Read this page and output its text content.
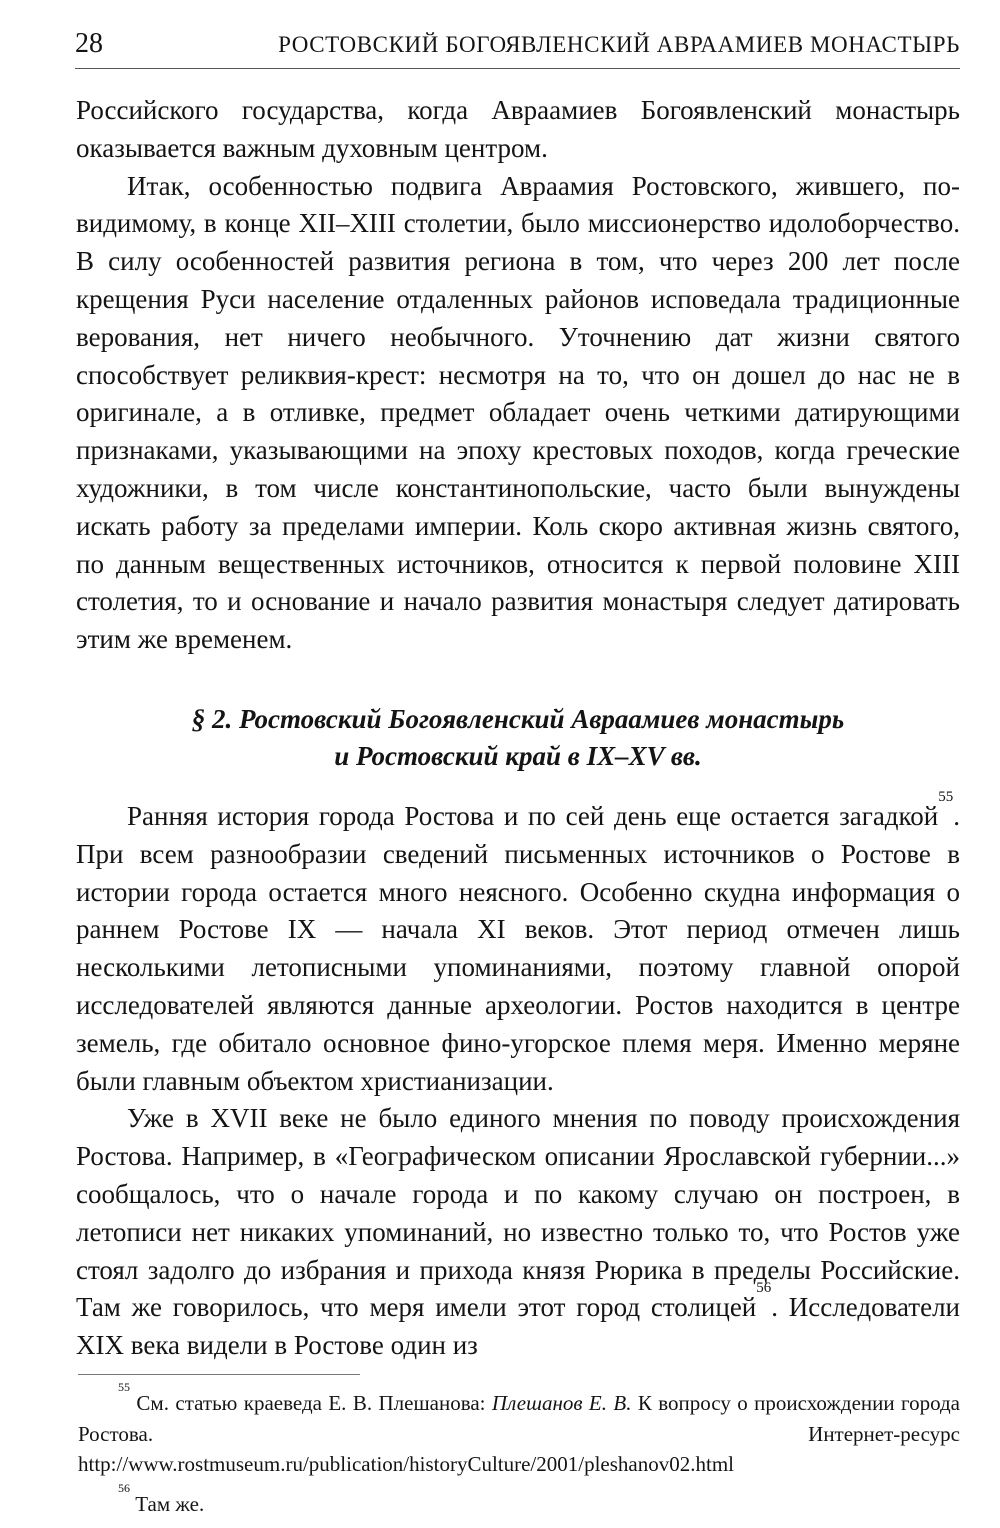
28	РОСТОВСКИЙ БОГОЯВЛЕНСКИЙ АВРААМИЕВ МОНАСТЫРЬ

Российского государства, когда Авраамиев Богоявленский монастырь оказывается важным духовным центром.

Итак, особенностью подвига Авраамия Ростовского, жившего, повидимому, в конце XII–XIII столетии, было миссионерство идолоборчество. В силу особенностей развития региона в том, что через 200 лет после крещения Руси население отдаленных районов исповедала традиционные верования, нет ничего необычного. Уточнению дат жизни святого способствует реликвия-крест: несмотря на то, что он дошел до нас не в оригинале, а в отливке, предмет обладает очень четкими датирующими признаками, указывающими на эпоху крестовых походов, когда греческие художники, в том числе константинопольские, часто были вынуждены искать работу за пределами империи. Коль скоро активная жизнь святого, по данным вещественных источников, относится к первой половине XIII столетия, то и основание и начало развития монастыря следует датировать этим же временем.

§ 2. Ростовский Богоявленский Авраамиев монастырь
и Ростовский край в IX–XV вв.

Ранняя история города Ростова и по сей день еще остается загадкой$^{55}$. При всем разнообразии сведений письменных источников о Ростове в истории города остается много неясного. Особенно скудна информация о раннем Ростове IX — начала XI веков. Этот период отмечен лишь несколькими летописными упоминаниями, поэтому главной опорой исследователей являются данные археологии. Ростов находится в центре земель, где обитало основное фино-угорское племя меря. Именно меряне были главным объектом христианизации.

Уже в XVII веке не было единого мнения по поводу происхождения Ростова. Например, в «Географическом описании Ярославской губернии...» сообщалось, что о начале города и по какому случаю он построен, в летописи нет никаких упоминаний, но известно только то, что Ростов уже стоял задолго до избрания и прихода князя Рюрика в пределы Российские. Там же говорилось, что меря имели этот город столицей$^{56}$. Исследователи XIX века видели в Ростове один из

$^{55}$ См. статью краеведа Е. В. Плешанова: Плешанов Е. В. К вопросу о происхождении города Ростова. Интернет-ресурс http://www.rostmuseum.ru/publication/historyCulture/2001/pleshanov02.html

$^{56}$ Там же.
